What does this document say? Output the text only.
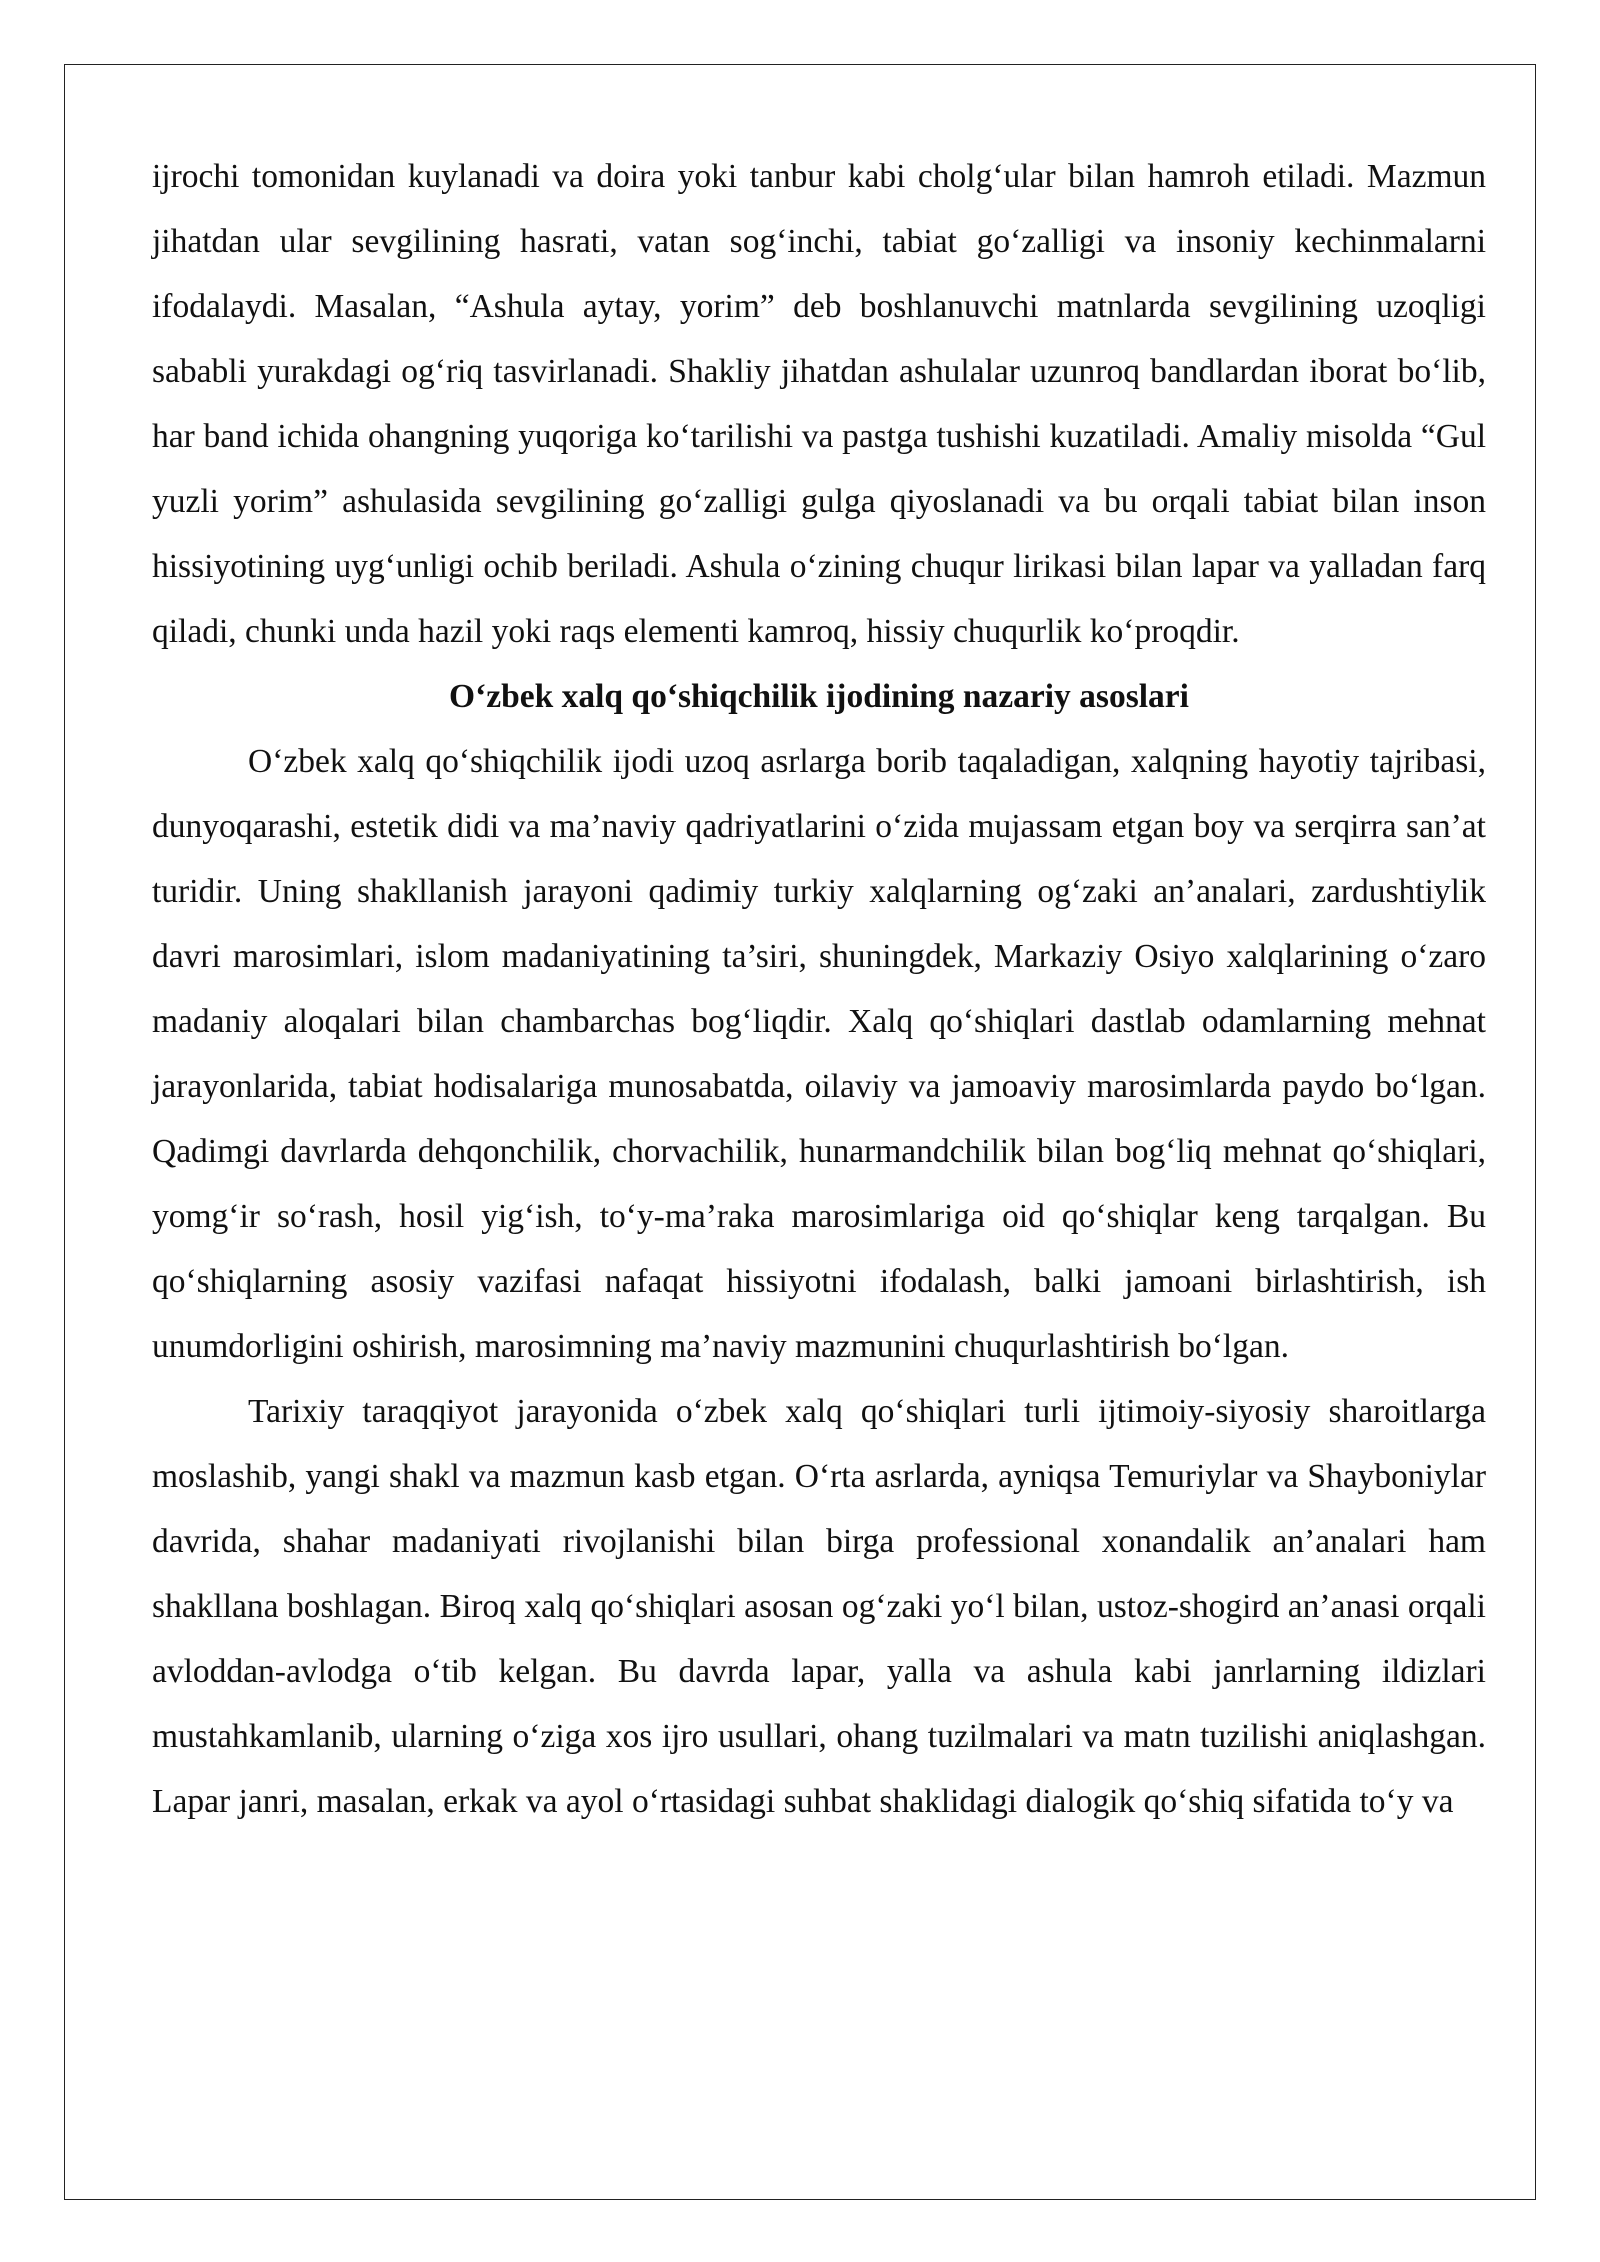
ijrochi tomonidan kuylanadi va doira yoki tanbur kabi cholg‘ular bilan hamroh etiladi. Mazmun jihatdan ular sevgilining hasrati, vatan sog‘inchi, tabiat go‘zalligi va insoniy kechinmalarni ifodalaydi. Masalan, “Ashula aytay, yorim” deb boshlanuvchi matnlarda sevgilining uzoqligi sababli yurakdagi og‘riq tasvirlanadi. Shakliy jihatdan ashulalar uzunroq bandlardan iborat bo‘lib, har band ichida ohangning yuqoriga ko‘tarilishi va pastga tushishi kuzatiladi. Amaliy misolda “Gul yuzli yorim” ashulasida sevgilining go‘zalligi gulga qiyoslanadi va bu orqali tabiat bilan inson hissiyotining uyg‘unligi ochib beriladi. Ashula o‘zining chuqur lirikasi bilan lapar va yalladan farq qiladi, chunki unda hazil yoki raqs elementi kamroq, hissiy chuqurlik ko‘proqdir.

O‘zbek xalq qo‘shiqchilik ijodining nazariy asoslari

O‘zbek xalq qo‘shiqchilik ijodi uzoq asrlarga borib taqaladigan, xalqning hayotiy tajribasi, dunyoqarashi, estetik didi va ma’naviy qadriyatlarini o‘zida mujassam etgan boy va serqirra san’at turidir. Uning shakllanish jarayoni qadimiy turkiy xalqlarning og‘zaki an’analari, zardushtiylik davri marosimlari, islom madaniyatining ta’siri, shuningdek, Markaziy Osiyo xalqlarining o‘zaro madaniy aloqalari bilan chambarchas bog‘liqdir. Xalq qo‘shiqlari dastlab odamlarning mehnat jarayonlarida, tabiat hodisalariga munosabatda, oilaviy va jamoaviy marosimlarda paydo bo‘lgan. Qadimgi davrlarda dehqonchilik, chorvachilik, hunarmandchilik bilan bog‘liq mehnat qo‘shiqlari, yomg‘ir so‘rash, hosil yig‘ish, to‘y-ma’raka marosimlariga oid qo‘shiqlar keng tarqalgan. Bu qo‘shiqlarning asosiy vazifasi nafaqat hissiyotni ifodalash, balki jamoani birlashtirish, ish unumdorligini oshirish, marosimning ma’naviy mazmunini chuqurlashtirish bo‘lgan.

Tarixiy taraqqiyot jarayonida o‘zbek xalq qo‘shiqlari turli ijtimoiy-siyosiy sharoitlarga moslashib, yangi shakl va mazmun kasb etgan. O‘rta asrlarda, ayniqsa Temuriylar va Shayboniylar davrida, shahar madaniyati rivojlanishi bilan birga professional xonandalik an’analari ham shakllana boshlagan. Biroq xalq qo‘shiqlari asosan og‘zaki yo‘l bilan, ustoz-shogird an’anasi orqali avloddan-avlodga o‘tib kelgan. Bu davrda lapar, yalla va ashula kabi janrlarning ildizlari mustahkamlanib, ularning o‘ziga xos ijro usullari, ohang tuzilmalari va matn tuzilishi aniqlashgan. Lapar janri, masalan, erkak va ayol o‘rtasidagi suhbat shaklidagi dialogik qo‘shiq sifatida to‘y va
